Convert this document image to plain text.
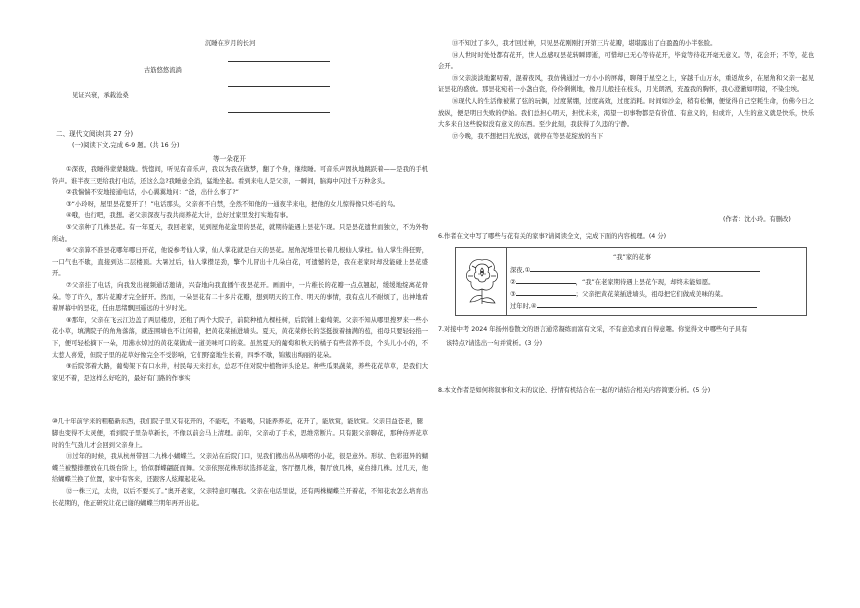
沉睡在岁月的长河
古筋悠悠流淌
见证兴衰，承载沧桑
二、现代文阅读(共 27 分)
(一)阅读下文,完成 6-9 题。(共 16 分)
等一朵花开
①深夜，我睡得蒙蒙眬眬。恍惚间，听见有音乐声，我以为我在做梦，翻了个身，继续睡。可音乐声固执地跳跃着——是我的手机铃声。谁半夜三更给我打电话，还这么急?我睡意全消，猛地坐起。看到来电人是父亲，一瞬间，脑海中闪过千万种念头。
②我惴惴不安地接通电话，小心翼翼地问：“爸，出什么事了?”
③“小玲呀，屋里昙花要开了！”电话那头，父亲喜不自禁，全然不知他的一通夜半来电，把他的女儿惊得像只炸毛的鸟。
④哦，也行吧，我想。老父亲深夜与我共商养花大计，总好过家里发打实地有事。
⑤父亲种了几株昙花。有一年夏天，我回老家，见到屋角花盆里的昙花，就期待能遇上昙花乍现。只是昙花遗世而独立，不为外物所动。
⑥父亲算不准昙花哪年哪日开花，他说参考仙人掌，仙人掌花就是白天的昙花。屋角泥堆里长着几根仙人掌柱。仙人掌生得狂野，一口气也不歇，直接到达二层楼顶。大暑过后，仙人掌攒足劲，擎个儿冒出十几朵白花，可遗憾的是，我在老家时却没能碰上昙花盛开。
⑦父亲挂了电话，向我发出视频通话邀请，兴奋地向我直播午夜昙花开。画面中，一片稚长的花瓣一点点翘起，缓缓地绽离花骨朵。等了许久，那片花瓣才完全舒开。然而，一朵昙花有二十多片花瓣，想到明天的工作、明天的事情，我有点儿不耐烦了，出神地看着屏幕中的昙花，任由思绪飘回遥远的十岁时光。
⑧那年，父亲在飞云江边盖了两层楼房，还租了两个大院子，前院种植九棵桂树，后院铺上葡萄架。父亲不知从哪里搜罗来一些小花小草，填满院子的角角落落，就连围墙也不让闲着，把黄花菜插进墙头。夏天，黄花菜修长的茎挺拔着抽满的苞，祖母只要轻轻掐一下，便可轻松摘下一朵，用沸水焯过的黄花菜做成一道美味可口的菜。虽然夏天的葡萄和秋天的橘子有些营养不良，个头儿小小的，不太惹人喜爱，但院子里的花草好像完全不受影响，它们野蛮地生长着，四季不歇，锦簇出绚丽的花朵。
⑨后院邻着大路，葡萄架下有口水井，村民每天来打水，总忍不住对院中植物评头论足。种些瓜果蔬菜，养些花花草草，是我们大家见不着，是这样么好吃的，最好有门路的作事实
⑩几十年前学来的粗糙新东西，我们院子里又有花开的，不能吃，不能喝，只能养养花，花开了，能欣赏，能欣赏。父亲目益苍老，腿
脚也变得不太灵便，看到院子里杂草新长，不像以前会马上清理。前年，父亲动了手术，思维常断片。只有跟父亲聊花，那种侍弄花草时的生气劲儿才会回到父亲身上。
⑪过年的时候，我从杭州带回二九株小蝴蝶兰。父亲站在后院门口，见我们搬出丛丛嘀嗒的小花，很是意外。形状、色彩逛异的蝴蝶兰被整排摆放在几级台阶上，恰似群蝶翩跹而舞。父亲依照花株形状选择花盆，客厅摆几株，餐厅放几株，桌台排几株。过几天，他给蝴蝶兰换了位置，家中有客来，还跟客人炫耀起花朵。
⑫一株三元，太贵，以后不要买了。”奥开老家，父亲特意叮嘱我。父亲在电话里说，还有两株蝴蝶兰开着花，不知花农怎么培育出长花期的，他正研究让花已谢的蝴蝶兰明年再开出花。
⑬不知过了多久，我才回过神，只见昙花刚刚打开第三片花瓣，堪堪露出了白盈盈的小半张脸。
⑭人世时时处处都有花开，世人总感叹昙花转瞬即逝，可惜却已无心等待花开，毕竟等待花开毫无意义。等，花会开；不等，花也会开。
⑮父亲淡淡地絮叨着，混着夜风，我仿佛通过一方小小的屏幕，聊翔于星空之上，穿越千山万水，重返故乡，在屋角和父亲一起见证昙花的盛放。那昙花宛若一小盏白瓷，伶伶俐俐地，像月儿般挂在枝头，月光朗洒，充盈我的胸怀，我心澄澈如明镜，不染尘埃。
⑯现代人的生活像被紧了弦的玩偶，过度紧绷，过度高效，过度消耗。时间如沙金，稍有松懈，便觉得自己空耗生命，仿佛今日之放纵，便是明日失败的伊始。我们总担心明天，担忧未来，渴望一切事物都是有价值、有意义的，但或许，人生的意义就是快乐，快乐大多来自这些貌似没有意义的东西。至少此刻，我获得了久违的宁静。
⑰今晚，我不想把目光放远，就停在等昙花绽放的当下
(作者：沈小玲。有删改)
6.作者在文中写了哪些与花有关的家事?请阅读全文，完成下面的内容梳理。(4 分)
“我”家的花事
深夜,①
②	，“我”在老家期待遇上昙花乍现，却终未能如愿。
③	；父亲把黄花菜插进墙头，祖母把它们做成美味的菜。
过年时,④
7.对接中考 2024 年扬州卷散文的语言通常凝练而富有文采，不有意追求而自得意趣。你觉得文中哪些句子具有
该特点?请选出一句并赏析。(3 分)
8.本文作者是如何将叙事和文末的议论、抒情有机结合在一起的?请结合相关内容简要分析。(5 分)
